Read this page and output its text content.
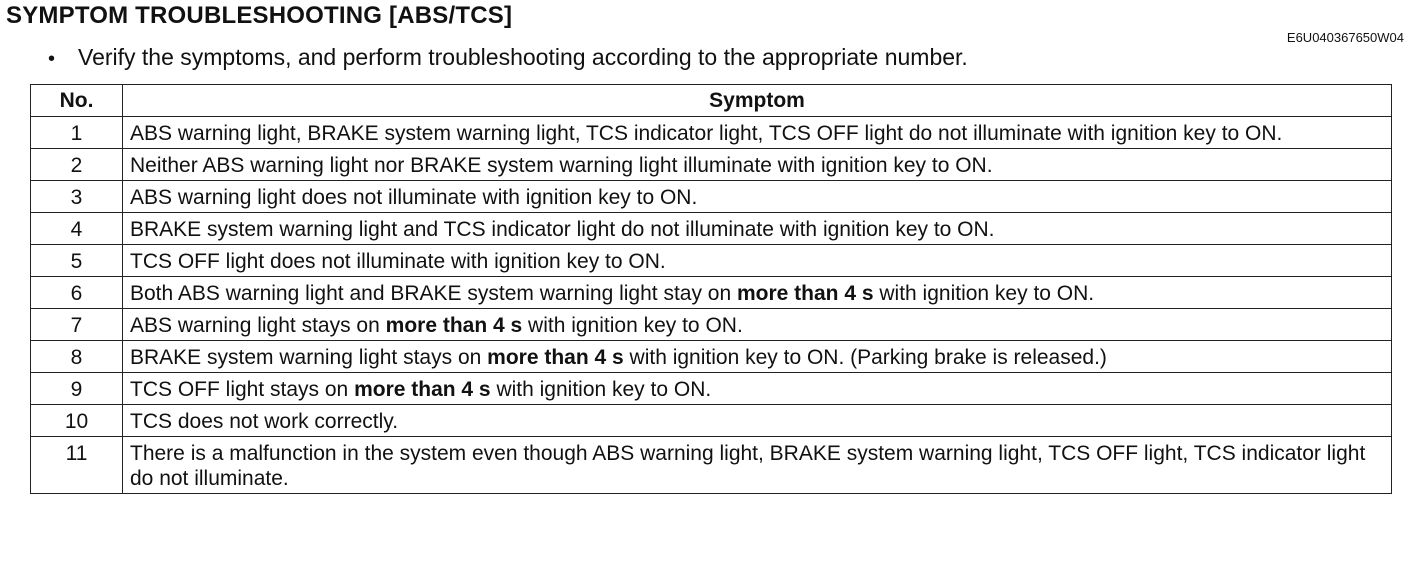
SYMPTOM TROUBLESHOOTING [ABS/TCS]
E6U040367650W04
• Verify the symptoms, and perform troubleshooting according to the appropriate number.
No.	Symptom
1	ABS warning light, BRAKE system warning light, TCS indicator light, TCS OFF light do not illuminate with ignition key to ON.
2	Neither ABS warning light nor BRAKE system warning light illuminate with ignition key to ON.
3	ABS warning light does not illuminate with ignition key to ON.
4	BRAKE system warning light and TCS indicator light do not illuminate with ignition key to ON.
5	TCS OFF light does not illuminate with ignition key to ON.
6	Both ABS warning light and BRAKE system warning light stay on more than 4 s with ignition key to ON.
7	ABS warning light stays on more than 4 s with ignition key to ON.
8	BRAKE system warning light stays on more than 4 s with ignition key to ON. (Parking brake is released.)
9	TCS OFF light stays on more than 4 s with ignition key to ON.
10	TCS does not work correctly.
11	There is a malfunction in the system even though ABS warning light, BRAKE system warning light, TCS OFF light, TCS indicator light do not illuminate.
